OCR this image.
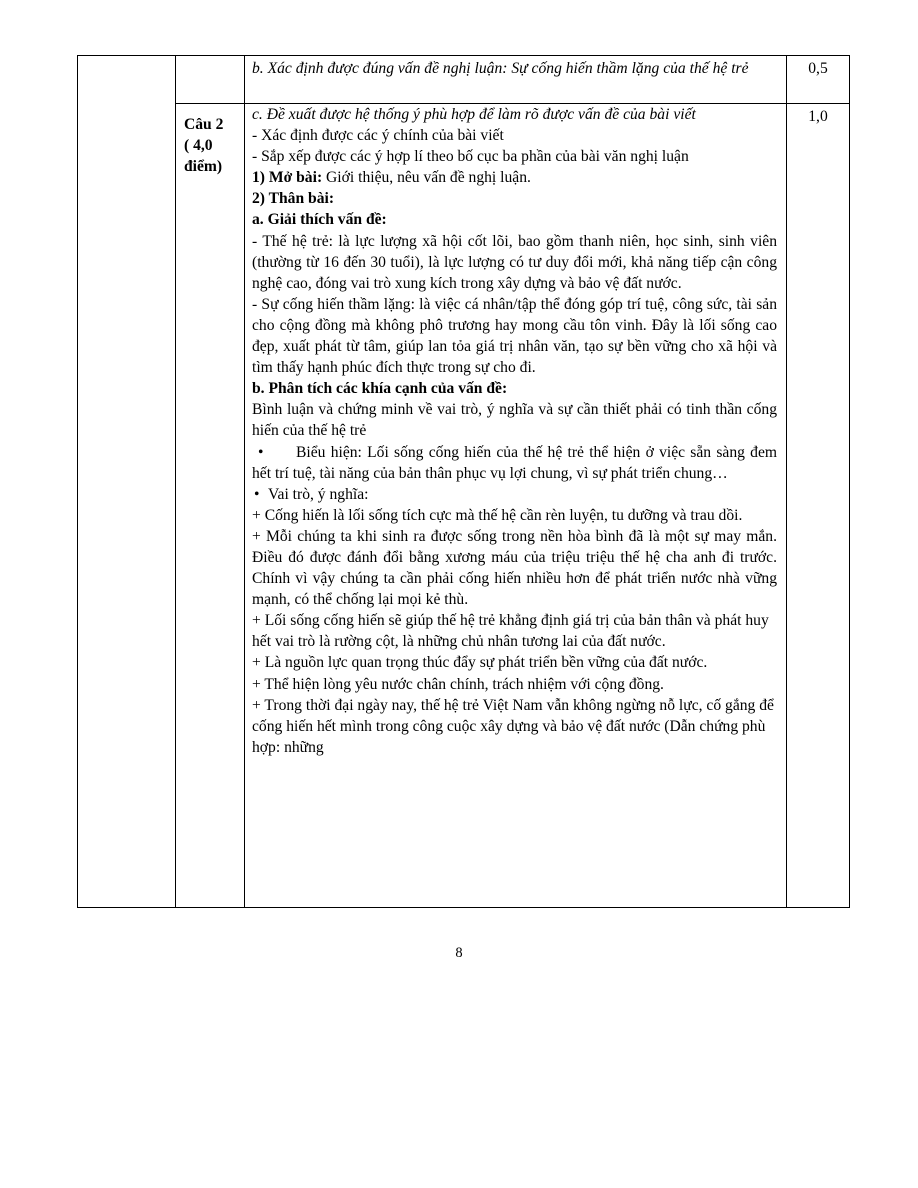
b. Xác định được đúng vấn đề nghị luận: Sự cống hiến thầm lặng của thế hệ trẻ	0,5
Câu 2
( 4,0
điểm)

c. Đề xuất được hệ thống ý phù hợp để làm rõ được vấn đề của bài viết

- Xác định được các ý chính của bài viết

- Sắp xếp được các ý hợp lí theo bố cục ba phần của bài văn nghị luận

1) Mở bài: Giới thiệu, nêu vấn đề nghị luận.

2) Thân bài:

a. Giải thích vấn đề:

- Thế hệ trẻ: là lực lượng xã hội cốt lõi, bao gồm thanh niên, học sinh, sinh viên (thường từ 16 đến 30 tuổi), là lực lượng có tư duy đổi mới, khả năng tiếp cận công nghệ cao, đóng vai trò xung kích trong xây dựng và bảo vệ đất nước.

- Sự cống hiến thầm lặng: là việc cá nhân/tập thể đóng góp trí tuệ, công sức, tài sản cho cộng đồng mà không phô trương hay mong cầu tôn vinh. Đây là lối sống cao đẹp, xuất phát từ tâm, giúp lan tỏa giá trị nhân văn, tạo sự bền vững cho xã hội và tìm thấy hạnh phúc đích thực trong sự cho đi.

b. Phân tích các khía cạnh của vấn đề:

Bình luận và chứng minh về vai trò, ý nghĩa và sự cần thiết phải có tinh thần cống hiến của thế hệ trẻ

• Biểu hiện: Lối sống cống hiến của thế hệ trẻ thể hiện ở việc sẵn sàng đem hết trí tuệ, tài năng của bản thân phục vụ lợi chung, vì sự phát triển chung…

• Vai trò, ý nghĩa:

+ Cống hiến là lối sống tích cực mà thế hệ cần rèn luyện, tu dưỡng và trau dồi.

+ Mỗi chúng ta khi sinh ra được sống trong nền hòa bình đã là một sự may mắn. Điều đó được đánh đổi bằng xương máu của triệu triệu thế hệ cha anh đi trước. Chính vì vậy chúng ta cần phải cống hiến nhiều hơn để phát triển nước nhà vững mạnh, có thể chống lại mọi kẻ thù.

+ Lối sống cống hiến sẽ giúp thế hệ trẻ khẳng định giá trị của bản thân và phát huy hết vai trò là rường cột, là những chủ nhân tương lai của đất nước.

+ Là nguồn lực quan trọng thúc đẩy sự phát triển bền vững của đất nước.

+ Thể hiện lòng yêu nước chân chính, trách nhiệm với cộng đồng.

+ Trong thời đại ngày nay, thế hệ trẻ Việt Nam vẫn không ngừng nỗ lực, cố gắng để cống hiến hết mình trong công cuộc xây dựng và bảo vệ đất nước (Dẫn chứng phù hợp: những

1,0
8
